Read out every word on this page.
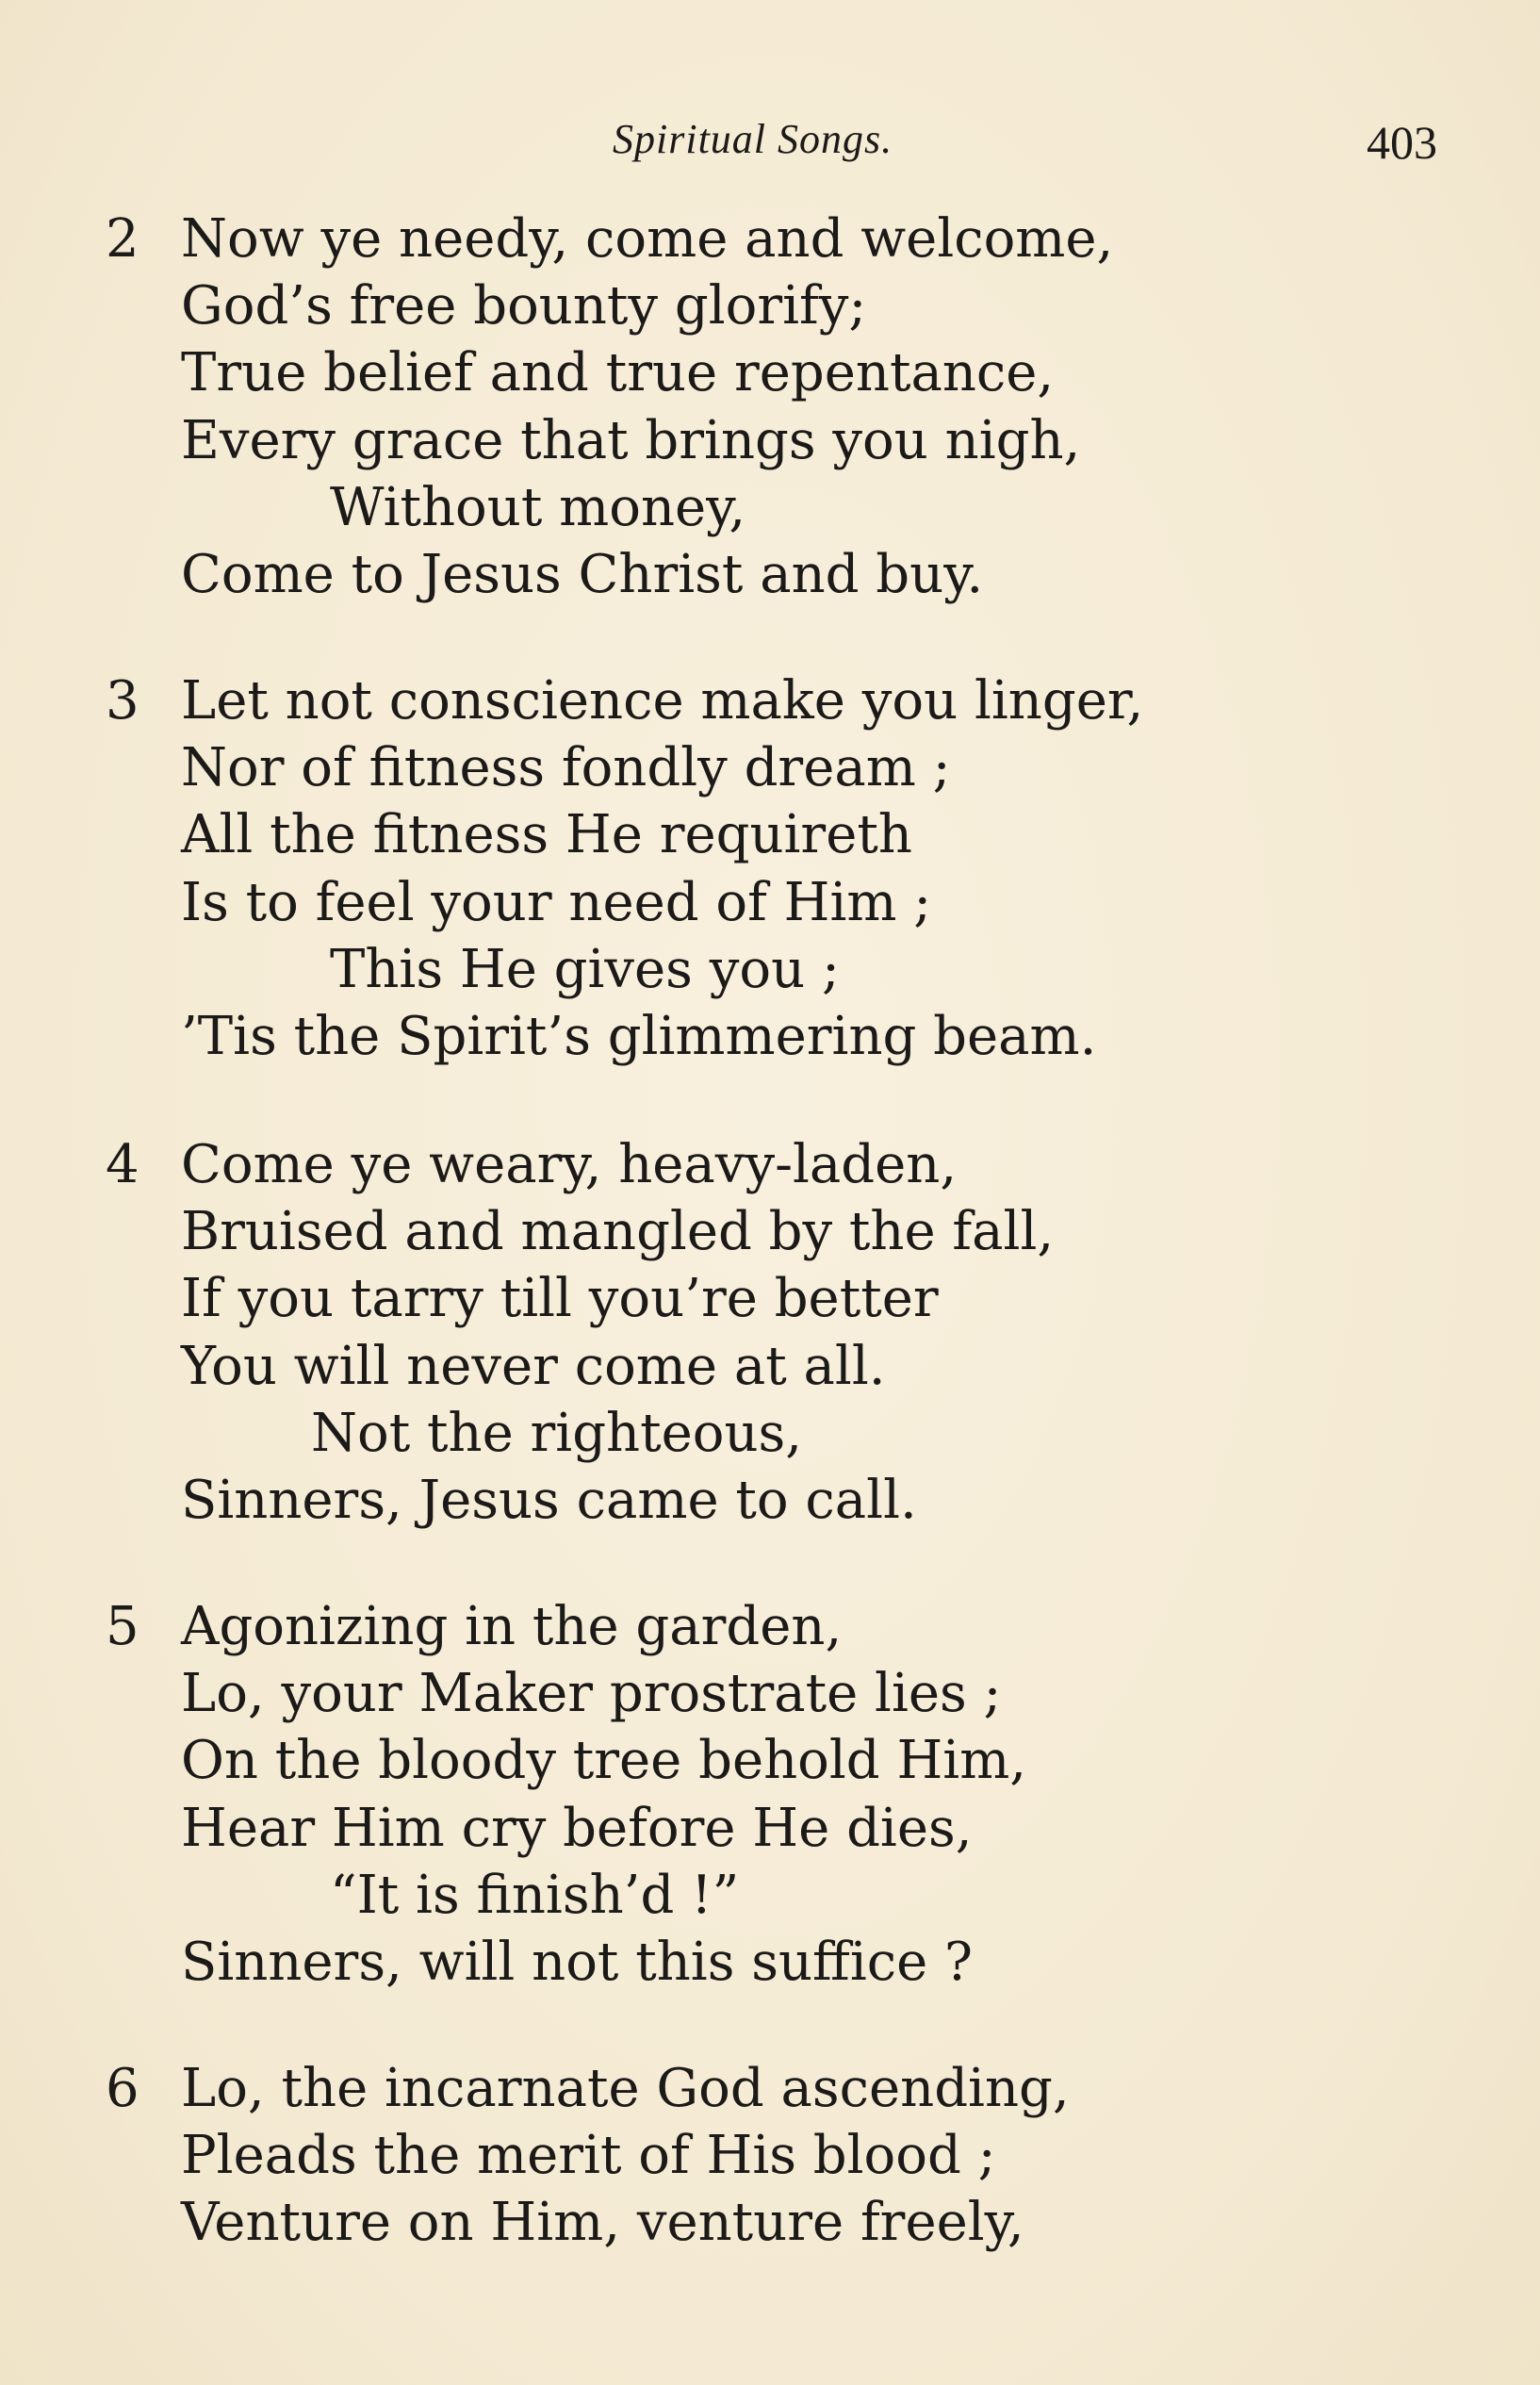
Spiritual Songs.	403
2 Now ye needy, come and welcome,
God’s free bounty glorify;
True belief and true repentance,
Every grace that brings you nigh,
Without money,
Come to Jesus Christ and buy.
3 Let not conscience make you linger,
Nor of fitness fondly dream ;
All the fitness He requireth
Is to feel your need of Him ;
This He gives you ;
’Tis the Spirit’s glimmering beam.
4 Come ye weary, heavy-laden,
Bruised and mangled by the fall,
If you tarry till you’re better
You will never come at all.
Not the righteous,
Sinners, Jesus came to call.
5 Agonizing in the garden,
Lo, your Maker prostrate lies ;
On the bloody tree behold Him,
Hear Him cry before He dies,
“It is finish’d !”
Sinners, will not this suffice ?
6 Lo, the incarnate God ascending,
Pleads the merit of His blood ;
Venture on Him, venture freely,
